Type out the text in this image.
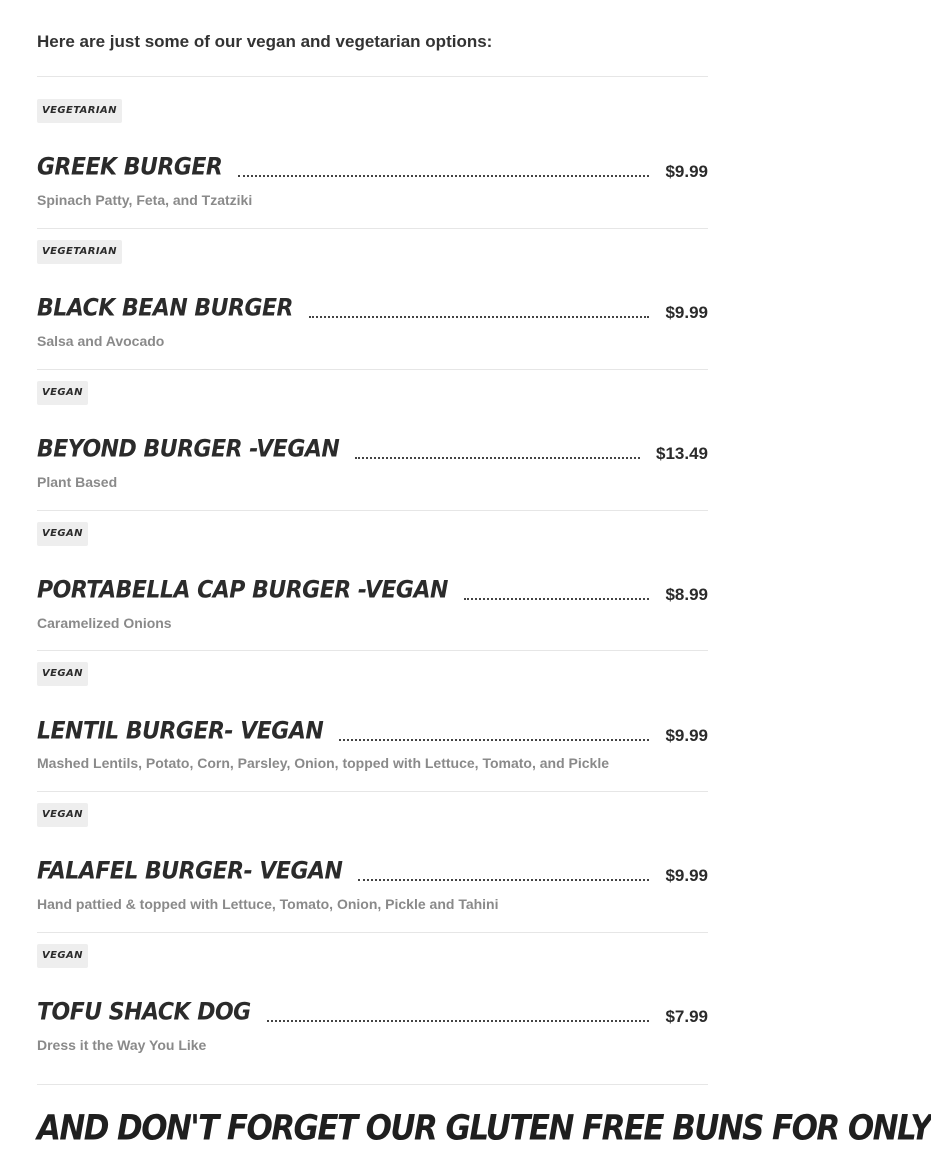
Here are just some of our vegan and vegetarian options:

VEGETARIAN
GREEK BURGER	$9.99
Spinach Patty, Feta, and Tzatziki
VEGETARIAN
BLACK BEAN BURGER	$9.99
Salsa and Avocado
VEGAN
BEYOND BURGER -VEGAN	$13.49
Plant Based
VEGAN
PORTABELLA CAP BURGER -VEGAN	$8.99
Caramelized Onions
VEGAN
LENTIL BURGER- VEGAN	$9.99
Mashed Lentils, Potato, Corn, Parsley, Onion, topped with Lettuce, Tomato, and Pickle
VEGAN
FALAFEL BURGER- VEGAN	$9.99
Hand pattied & topped with Lettuce, Tomato, Onion, Pickle and Tahini
VEGAN
TOFU SHACK DOG	$7.99
Dress it the Way You Like
AND DON'T FORGET OUR GLUTEN FREE BUNS FOR ONLY
